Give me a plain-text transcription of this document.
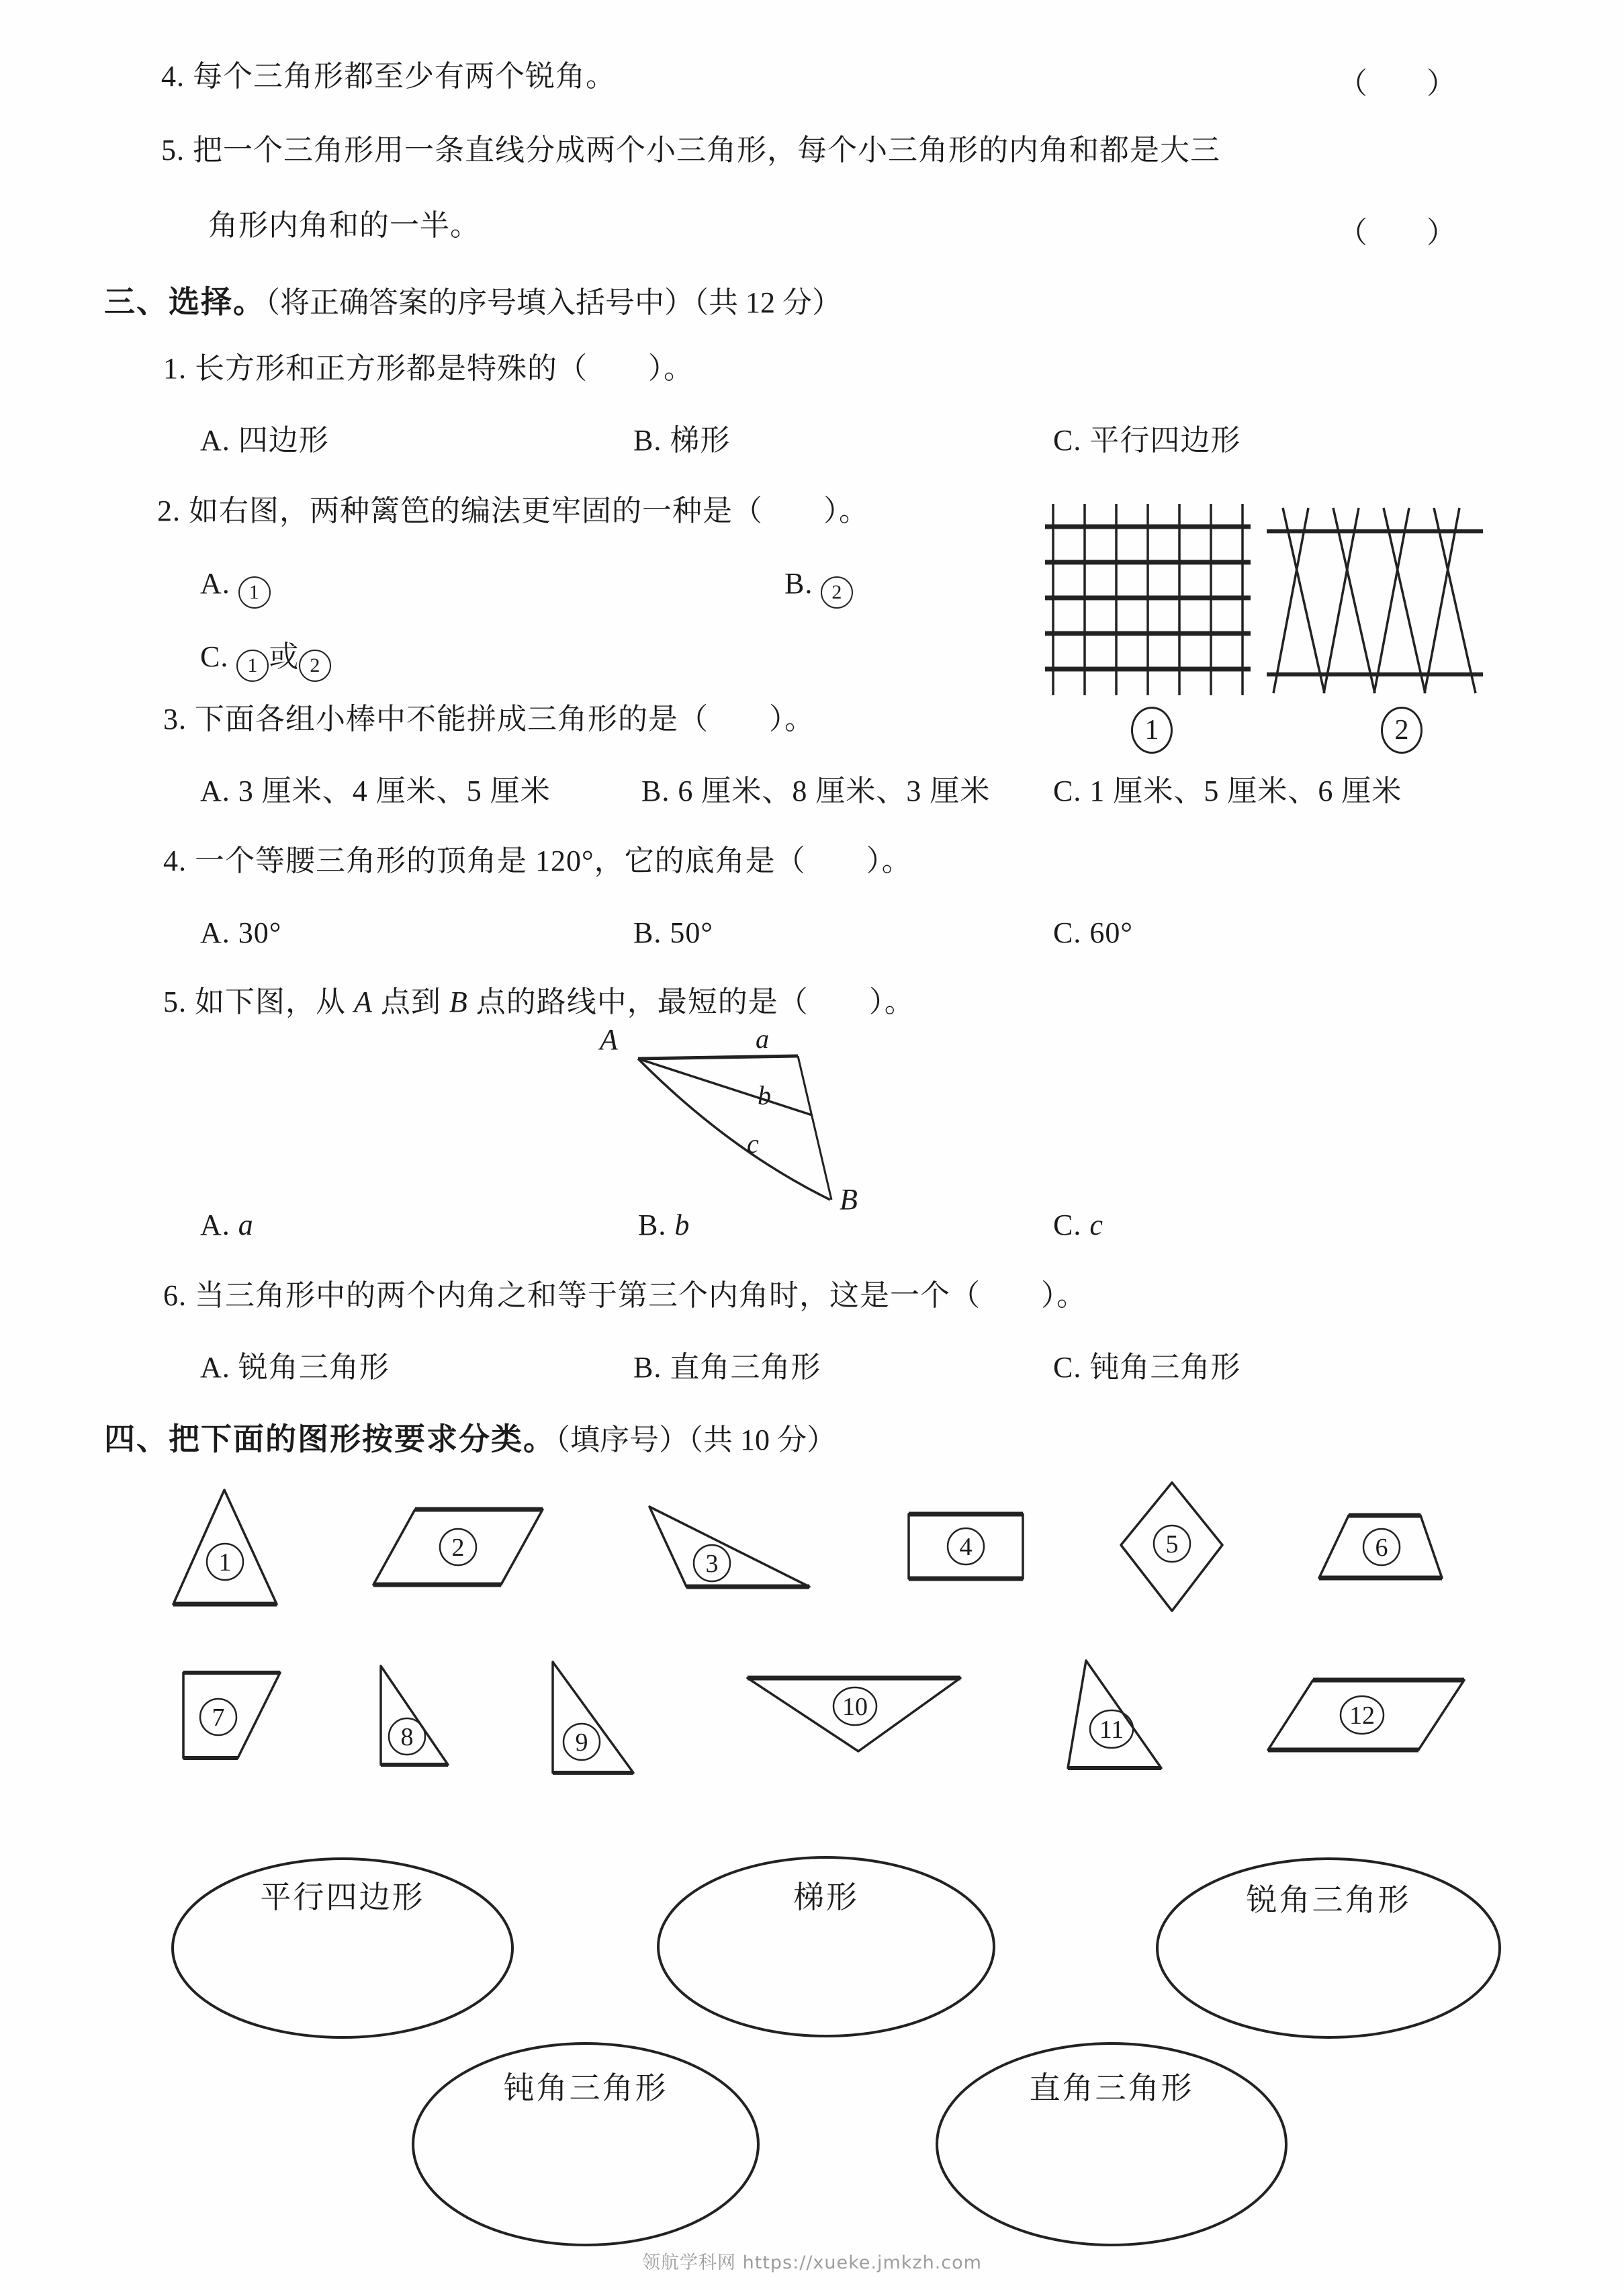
4. 每个三角形都至少有两个锐角。	（　　）
5. 把一个三角形用一条直线分成两个小三角形，每个小三角形的内角和都是大三
角形内角和的一半。	（　　）
三、选择。（将正确答案的序号填入括号中）（共 12 分）
1. 长方形和正方形都是特殊的（　　）。
A. 四边形	B. 梯形	C. 平行四边形
2. 如右图，两种篱笆的编法更牢固的一种是（　　）。
A. 1	B. 2
C. 1 或 2
1	2
3. 下面各组小棒中不能拼成三角形的是（　　）。
A. 3 厘米、4 厘米、5 厘米	B. 6 厘米、8 厘米、3 厘米 C. 1 厘米、5 厘米、6 厘米
4. 一个等腰三角形的顶角是 120°，它的底角是（　　）。
A. 30°	B. 50°	C. 60°
5. 如下图，从 A 点到 B 点的路线中，最短的是（　　）。
A. a	B. b	C. c
6. 当三角形中的两个内角之和等于第三个内角时，这是一个（　　）。
A. 锐角三角形	B. 直角三角形	C. 钝角三角形
四、把下面的图形按要求分类。（填序号）（共 10 分）
平行四边形	梯形	锐角三角形
钝角三角形	直角三角形
A	a
b
c
B
1
2
3
4	5	6
7
8	9
10
11	12
领航学科网 https://xueke.jmkzh.com
